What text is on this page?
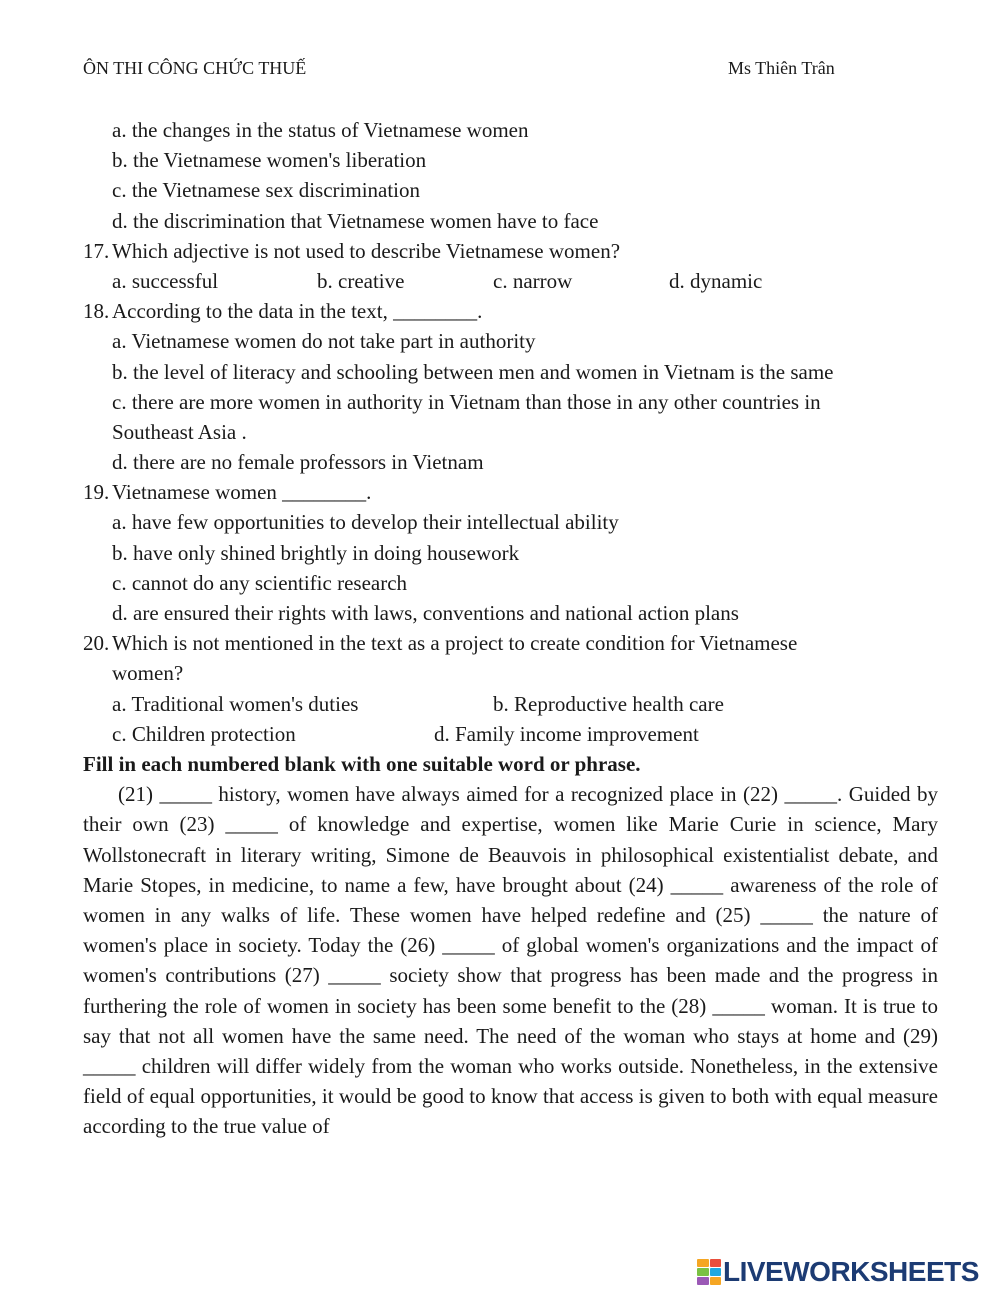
ÔN THI CÔNG CHỨC THUẾ	Ms Thiên Trân
a. the changes in the status of Vietnamese women
b. the Vietnamese women's liberation
c. the Vietnamese sex discrimination
d. the discrimination that Vietnamese women have to face
17. Which adjective is not used to describe Vietnamese women?
a. successful	b. creative	c. narrow	d. dynamic
18. According to the data in the text, ________.
a. Vietnamese women do not take part in authority
b. the level of literacy and schooling between men and women in Vietnam is the same
c. there are more women in authority in Vietnam than those in any other countries in
Southeast Asia .
d. there are no female professors in Vietnam
19. Vietnamese women ________.
a. have few opportunities to develop their intellectual ability
b. have only shined brightly in doing housework
c. cannot do any scientific research
d. are ensured their rights with laws, conventions and national action plans
20. Which is not mentioned in the text as a project to create condition for Vietnamese
women?
a. Traditional women's duties	b. Reproductive health care
c. Children protection	d. Family income improvement
Fill in each numbered blank with one suitable word or phrase.
(21) _____ history, women have always aimed for a recognized place in (22) _____. Guided by their own (23) _____ of knowledge and expertise, women like Marie Curie in science, Mary Wollstonecraft in literary writing, Simone de Beauvois in philosophical existentialist debate, and Marie Stopes, in medicine, to name a few, have brought about (24) _____ awareness of the role of women in any walks of life. These women have helped redefine and (25) _____ the nature of women's place in society. Today the (26) _____ of global women's organizations and the impact of women's contributions (27) _____ society show that progress has been made and the progress in furthering the role of women in society has been some benefit to the (28) _____ woman. It is true to say that not all women have the same need. The need of the woman who stays at home and (29) _____ children will differ widely from the woman who works outside. Nonetheless, in the extensive field of equal opportunities, it would be good to know that access is given to both with equal measure according to the true value of
LIVEWORKSHEETS
